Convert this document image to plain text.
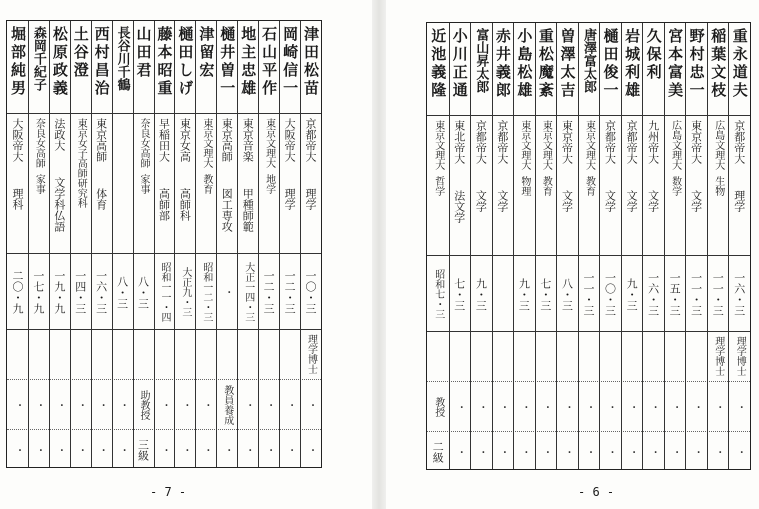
津田松苗
京都帝大
理学
一〇・三
理学博士
・
・
岡崎信一
大阪帝大
理学
一二・三
・
・
石山平作
東京文理大
地学
一二・三
・
・
地主忠雄
東京音楽
甲種師範
大正一四・三
・
・
樋井曽一
東京高師
図工専攻
・
教員養成
・
津留宏
東京文理大
教育
昭和一二・三
・
・
樋田しげ
東京女高
高師科
大正九・三
・
・
藤本昭重
早稲田大
高師部
昭和一一・四
・
・
山田君
奈良女高師
家事
八・三
助教授
三級
長谷川千鶴
八・三
・
・
西村昌治
東京高師
体育
一六・三
・
・
土谷澄
東京女子高師研究科
一四・三
・
・
松原政義
法政大
文学科仏語
一九・九
・
・
森岡千紀子
奈良女高師
家事
一七・九
・
・
堀部純男
大阪帝大
理科
二〇・九
・
・
- 7 -
重永道夫
京都帝大
理学
一六・三
理学博士
・
・
稲葉文枝
広島文理大
生物
一一・三
理学博士
・
・
野村忠一
東京帝大
文学
一一・三
・
・
宮本富美
広島文理大
数学
一五・三
・
・
久保利
九州帝大
文学
一六・三
・
・
岩城利雄
京都帝大
文学
九・三
・
・
樋田俊一
京都帝大
文学
一〇・三
・
・
唐澤富太郎
東京文理大
教育
一一・三
・
・
曽澤太吉
東京帝大
文学
八・三
・
・
重松魔紊
東京文理大
教育
七・三
・
・
小島松雄
東京文理大
物理
九・三
・
・
赤井義郎
京都帝大
文学
・
・
富山昇太郎
京都帝大
文学
九・三
・
・
小川正通
東北帝大
法文学
七・三
・
・
近池義隆
東京文理大
哲学
昭和七・三
教授
二級
- 6 -
